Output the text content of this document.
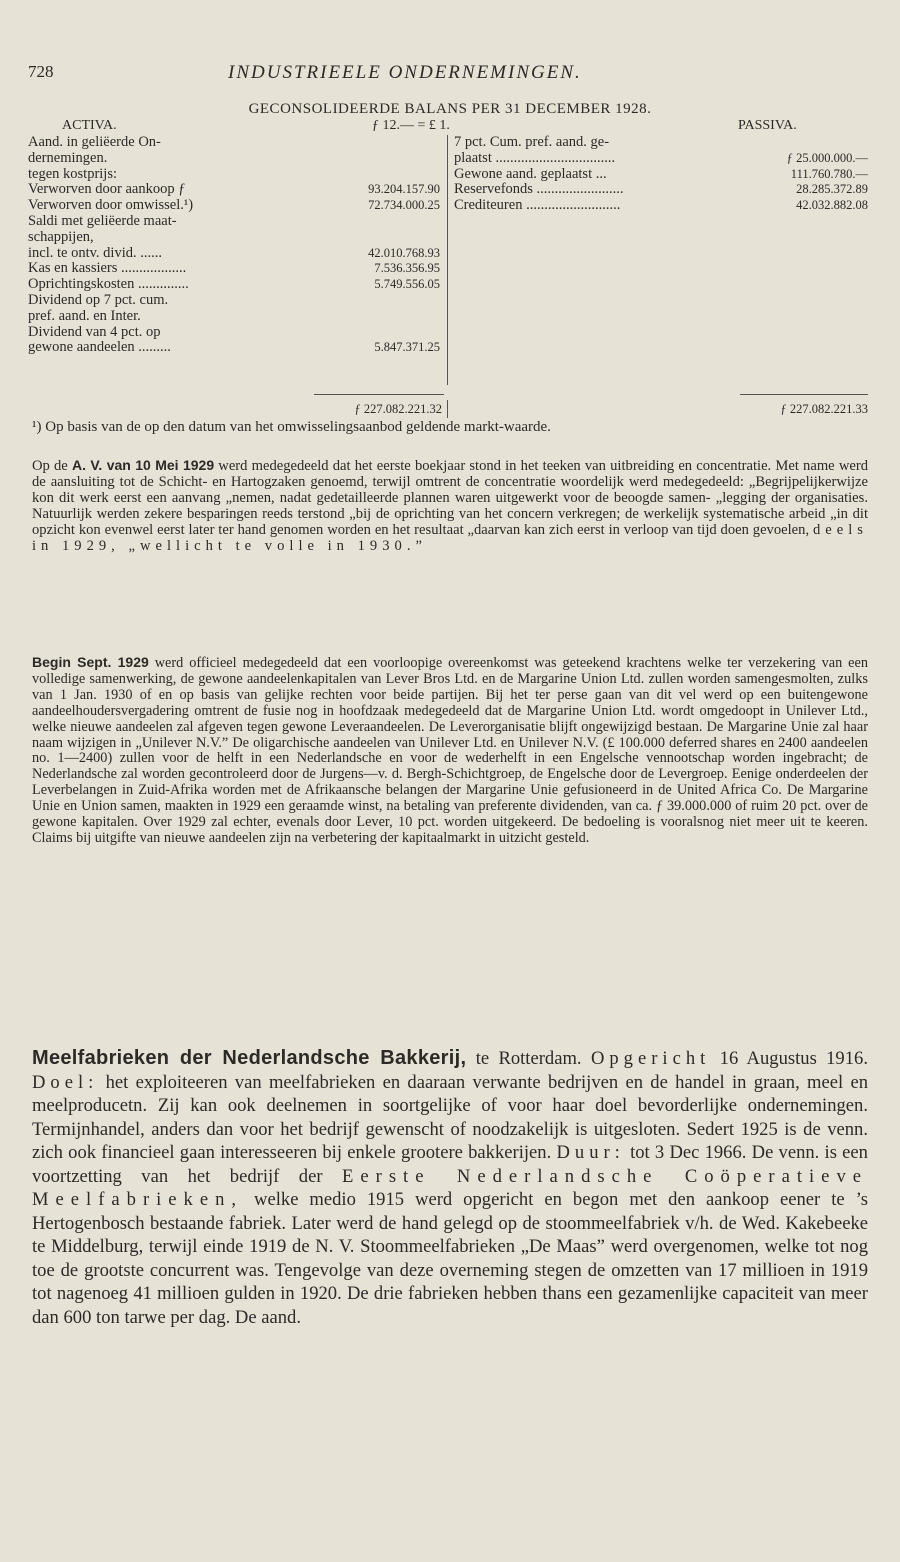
728	INDUSTRIEELE ONDERNEMINGEN.
GECONSOLIDEERDE BALANS PER 31 DECEMBER 1928.
ACTIVA.	ƒ 12.— = £ 1.	PASSIVA.
Aand. in geliëerde On-
dernemingen.
tegen kostprijs:
Verworven door aankoop ƒ	93.204.157.90
Verworven door omwissel.¹)	72.734.000.25
Saldi met geliëerde maat-
schappijen,
incl. te ontv. divid. ......	42.010.768.93
Kas en kassiers ..................	7.536.356.95
Oprichtingskosten ..............	5.749.556.05
Dividend op 7 pct. cum.
pref. aand. en Inter.
Dividend van 4 pct. op
gewone aandeelen .........	5.847.371.25
7 pct. Cum. pref. aand. ge-
plaatst .................................	ƒ 25.000.000.—
Gewone aand. geplaatst ...	111.760.780.—
Reservefonds ........................	28.285.372.89
Crediteuren ..........................	42.032.882.08
ƒ 227.082.221.32	ƒ 227.082.221.33
¹) Op basis van de op den datum van het omwisselingsaanbod geldende markt-waarde.
Op de A. V. van 10 Mei 1929 werd medegedeeld dat het eerste boekjaar stond in het teeken van uitbreiding en concentratie. Met name werd de aansluiting tot de Schicht- en Hartogzaken genoemd, terwijl omtrent de concentratie woordelijk werd medegedeeld: „Begrijpelijkerwijze kon dit werk eerst een aanvang „nemen, nadat gedetailleerde plannen waren uitgewerkt voor de beoogde samen- „legging der organisaties. Natuurlijk werden zekere besparingen reeds terstond „bij de oprichting van het concern verkregen; de werkelijk systematische arbeid „in dit opzicht kon evenwel eerst later ter hand genomen worden en het resultaat „daarvan kan zich eerst in verloop van tijd doen gevoelen, deels in 1929, „wellicht te volle in 1930.”
Begin Sept. 1929 werd officieel medegedeeld dat een voorloopige overeenkomst was geteekend krachtens welke ter verzekering van een volledige samenwerking, de gewone aandeelenkapitalen van Lever Bros Ltd. en de Margarine Union Ltd. zullen worden samengesmolten, zulks van 1 Jan. 1930 of en op basis van gelijke rechten voor beide partijen. Bij het ter perse gaan van dit vel werd op een buitengewone aandeelhoudersvergadering omtrent de fusie nog in hoofdzaak medegedeeld dat de Margarine Union Ltd. wordt omgedoopt in Unilever Ltd., welke nieuwe aandeelen zal afgeven tegen gewone Leveraandeelen. De Leverorganisatie blijft ongewijzigd bestaan. De Margarine Unie zal haar naam wijzigen in „Unilever N.V.” De oligarchische aandeelen van Unilever Ltd. en Unilever N.V. (£ 100.000 deferred shares en 2400 aandeelen no. 1—2400) zullen voor de helft in een Nederlandsche en voor de wederhelft in een Engelsche vennootschap worden ingebracht; de Nederlandsche zal worden gecontroleerd door de Jurgens—v. d. Bergh-Schichtgroep, de Engelsche door de Levergroep. Eenige onderdeelen der Leverbelangen in Zuid-Afrika worden met de Afrikaansche belangen der Margarine Unie gefusioneerd in de United Africa Co. De Margarine Unie en Union samen, maakten in 1929 een geraamde winst, na betaling van preferente dividenden, van ca. ƒ 39.000.000 of ruim 20 pct. over de gewone kapitalen. Over 1929 zal echter, evenals door Lever, 10 pct. worden uitgekeerd. De bedoeling is vooralsnog niet meer uit te keeren. Claims bij uitgifte van nieuwe aandeelen zijn na verbetering der kapitaalmarkt in uitzicht gesteld.
Meelfabrieken der Nederlandsche Bakkerij, te Rotterdam. Opgericht 16 Augustus 1916. Doel: het exploiteeren van meelfabrieken en daaraan verwante bedrijven en de handel in graan, meel en meelproducetn. Zij kan ook deelnemen in soortgelijke of voor haar doel bevorderlijke ondernemingen. Termijnhandel, anders dan voor het bedrijf gewenscht of noodzakelijk is uitgesloten. Sedert 1925 is de venn. zich ook financieel gaan interesseeren bij enkele grootere bakkerijen. Duur: tot 3 Dec 1966. De venn. is een voortzetting van het bedrijf der Eerste Nederlandsche Coöperatieve Meelfabrieken, welke medio 1915 werd opgericht en begon met den aankoop eener te ’s Hertogenbosch bestaande fabriek. Later werd de hand gelegd op de stoommeelfabriek v/h. de Wed. Kakebeeke te Middelburg, terwijl einde 1919 de N. V. Stoommeelfabrieken „De Maas” werd overgenomen, welke tot nog toe de grootste concurrent was. Tengevolge van deze overneming stegen de omzetten van 17 millioen in 1919 tot nagenoeg 41 millioen gulden in 1920. De drie fabrieken hebben thans een gezamenlijke capaciteit van meer dan 600 ton tarwe per dag. De aand.
